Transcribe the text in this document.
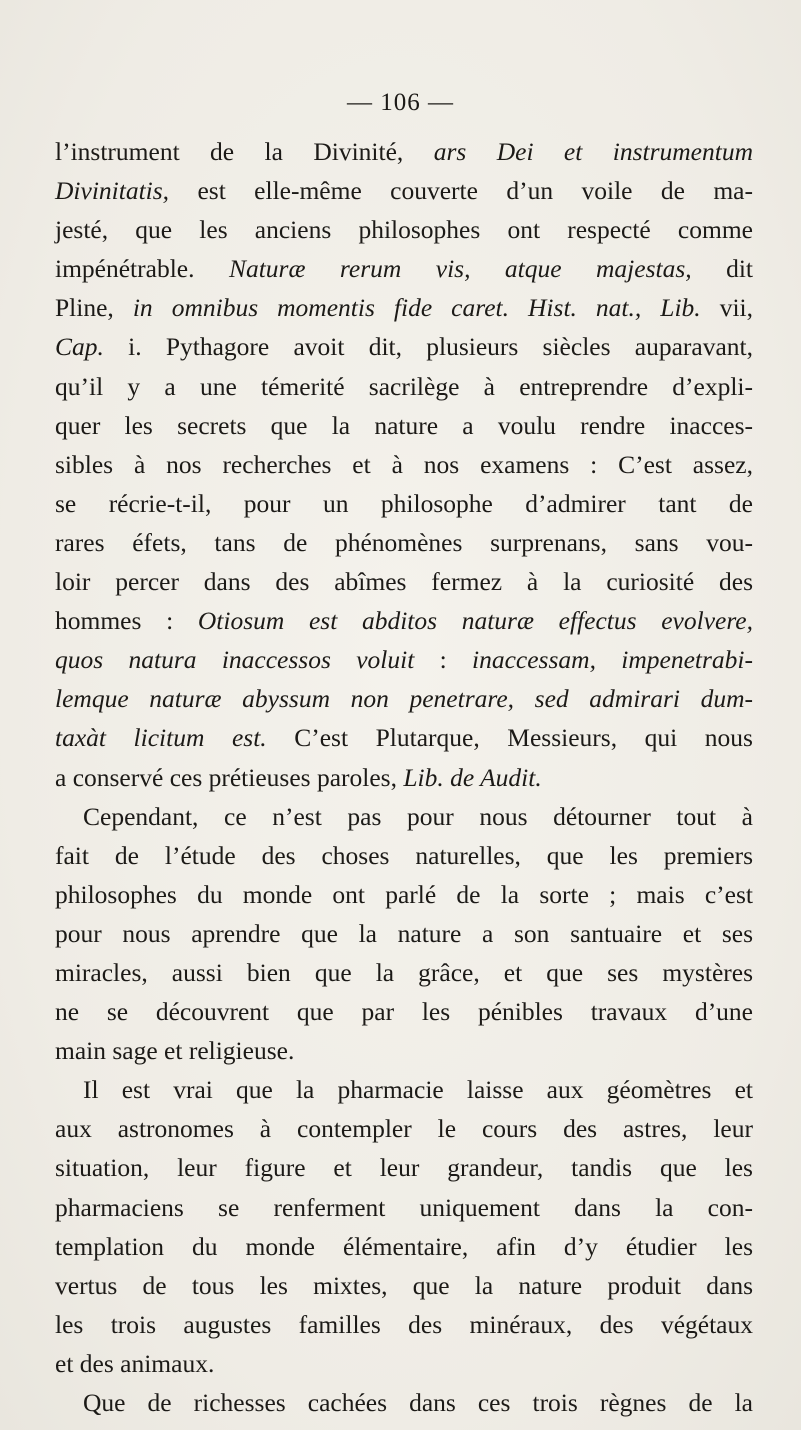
— 106 —
l’instrument de la Divinité, ars Dei et instrumentum
Divinitatis, est elle-même couverte d’un voile de ma-
jesté, que les anciens philosophes ont respecté comme
impénétrable. Naturæ rerum vis, atque majestas, dit
Pline, in omnibus momentis fide caret. Hist. nat., Lib. vii,
Cap. i. Pythagore avoit dit, plusieurs siècles auparavant,
qu’il y a une témerité sacrilège à entreprendre d’expli-
quer les secrets que la nature a voulu rendre inacces-
sibles à nos recherches et à nos examens : C’est assez,
se récrie-t-il, pour un philosophe d’admirer tant de
rares éfets, tans de phénomènes surprenans, sans vou-
loir percer dans des abîmes fermez à la curiosité des
hommes : Otiosum est abditos naturæ effectus evolvere,
quos natura inaccessos voluit : inaccessam, impenetrabi-
lemque naturæ abyssum non penetrare, sed admirari dum-
taxàt licitum est. C’est Plutarque, Messieurs, qui nous
a conservé ces prétieuses paroles, Lib. de Audit.
Cependant, ce n’est pas pour nous détourner tout à
fait de l’étude des choses naturelles, que les premiers
philosophes du monde ont parlé de la sorte ; mais c’est
pour nous aprendre que la nature a son santuaire et ses
miracles, aussi bien que la grâce, et que ses mystères
ne se découvrent que par les pénibles travaux d’une
main sage et religieuse.
Il est vrai que la pharmacie laisse aux géomètres et
aux astronomes à contempler le cours des astres, leur
situation, leur figure et leur grandeur, tandis que les
pharmaciens se renferment uniquement dans la con-
templation du monde élémentaire, afin d’y étudier les
vertus de tous les mixtes, que la nature produit dans
les trois augustes familles des minéraux, des végétaux
et des animaux.
Que de richesses cachées dans ces trois règnes de la
